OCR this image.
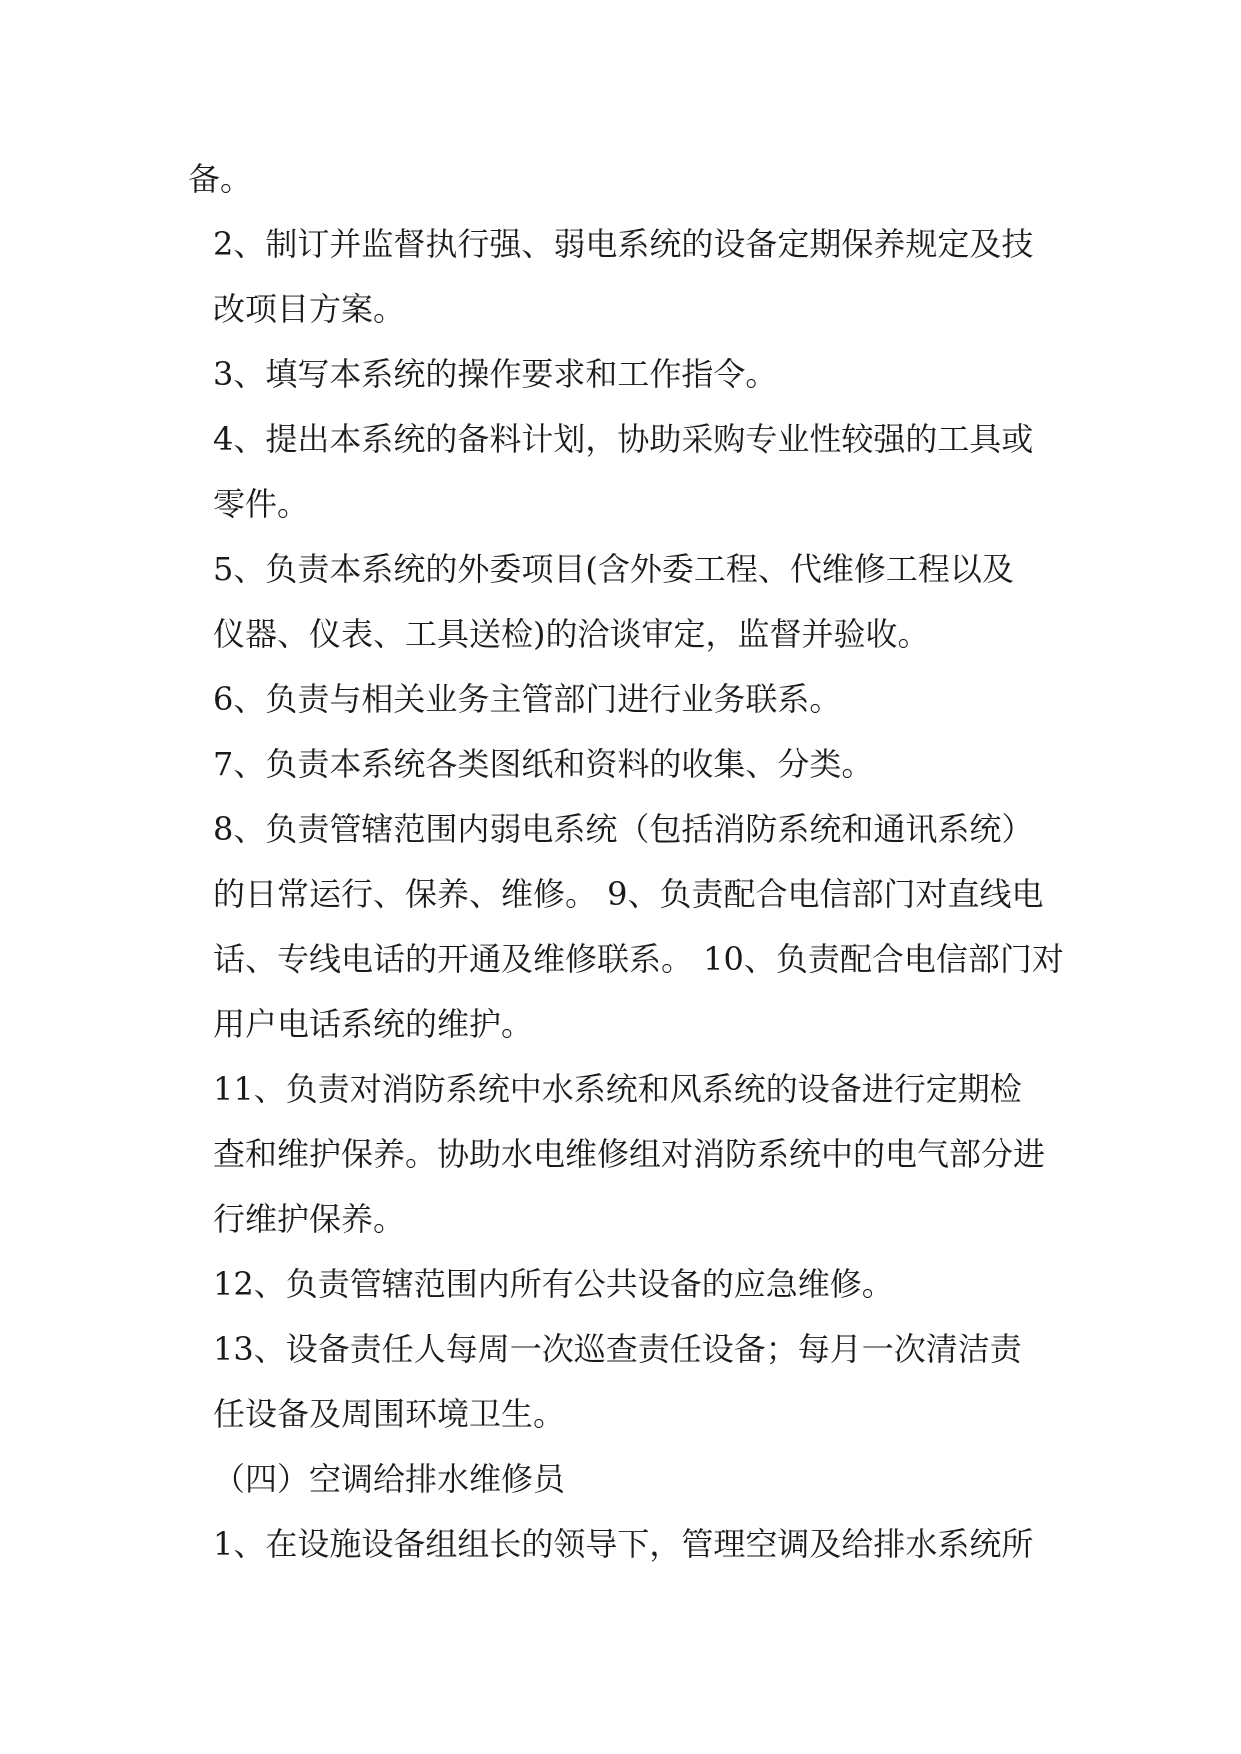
备。

2、制订并监督执行强、弱电系统的设备定期保养规定及技
改项目方案。

3、填写本系统的操作要求和工作指令。

4、提出本系统的备料计划，协助采购专业性较强的工具或
零件。

5、负责本系统的外委项目(含外委工程、代维修工程以及
仪器、仪表、工具送检)的洽谈审定，监督并验收。

6、负责与相关业务主管部门进行业务联系。

7、负责本系统各类图纸和资料的收集、分类。

8、负责管辖范围内弱电系统（包括消防系统和通讯系统）
的日常运行、保养、维修。 9、负责配合电信部门对直线电
话、专线电话的开通及维修联系。 10、负责配合电信部门对
用户电话系统的维护。

11、负责对消防系统中水系统和风系统的设备进行定期检
查和维护保养。协助水电维修组对消防系统中的电气部分进
行维护保养。

12、负责管辖范围内所有公共设备的应急维修。

13、设备责任人每周一次巡查责任设备；每月一次清洁责
任设备及周围环境卫生。

（四）空调给排水维修员

1、在设施设备组组长的领导下，管理空调及给排水系统所
